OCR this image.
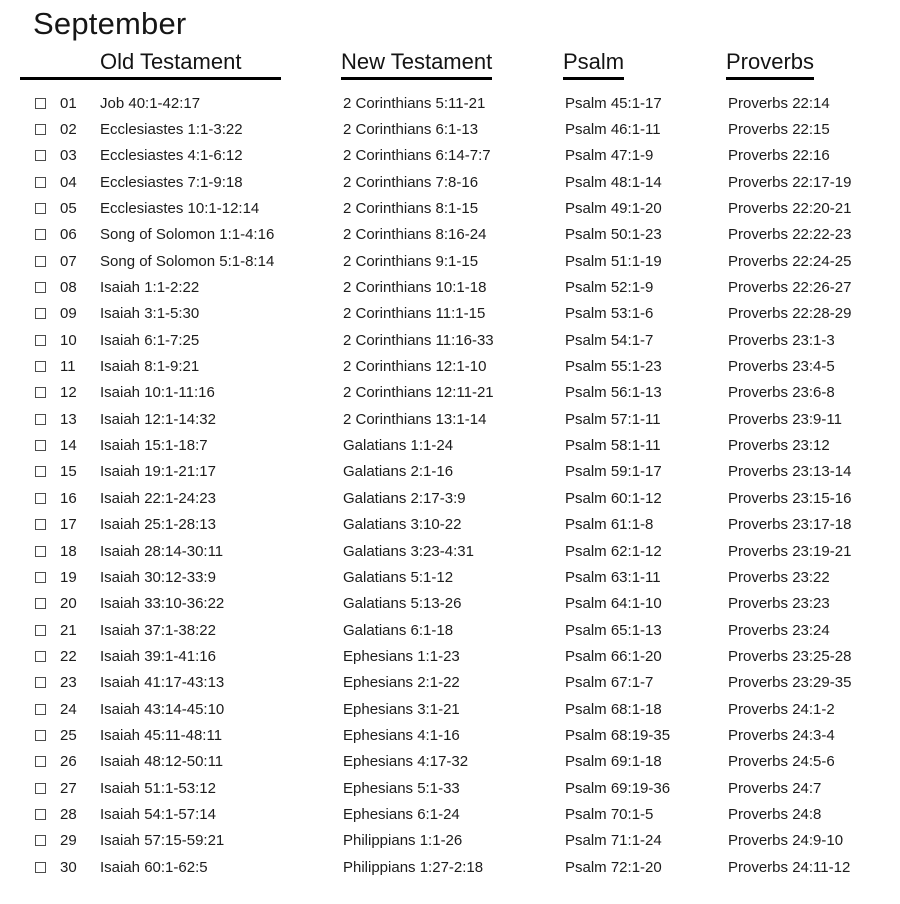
September
Old Testament	New Testament	Psalm	Proverbs
01	Job 40:1-42:17	2 Corinthians 5:11-21	Psalm 45:1-17	Proverbs 22:14
02	Ecclesiastes 1:1-3:22	2 Corinthians 6:1-13	Psalm 46:1-11	Proverbs 22:15
03	Ecclesiastes 4:1-6:12	2 Corinthians 6:14-7:7	Psalm 47:1-9	Proverbs 22:16
04	Ecclesiastes 7:1-9:18	2 Corinthians 7:8-16	Psalm 48:1-14	Proverbs 22:17-19
05	Ecclesiastes 10:1-12:14	2 Corinthians 8:1-15	Psalm 49:1-20	Proverbs 22:20-21
06	Song of Solomon 1:1-4:16	2 Corinthians 8:16-24	Psalm 50:1-23	Proverbs 22:22-23
07	Song of Solomon 5:1-8:14	2 Corinthians 9:1-15	Psalm 51:1-19	Proverbs 22:24-25
08	Isaiah 1:1-2:22	2 Corinthians 10:1-18	Psalm 52:1-9	Proverbs 22:26-27
09	Isaiah 3:1-5:30	2 Corinthians 11:1-15	Psalm 53:1-6	Proverbs 22:28-29
10	Isaiah 6:1-7:25	2 Corinthians 11:16-33	Psalm 54:1-7	Proverbs 23:1-3
11	Isaiah 8:1-9:21	2 Corinthians 12:1-10	Psalm 55:1-23	Proverbs 23:4-5
12	Isaiah 10:1-11:16	2 Corinthians 12:11-21	Psalm 56:1-13	Proverbs 23:6-8
13	Isaiah 12:1-14:32	2 Corinthians 13:1-14	Psalm 57:1-11	Proverbs 23:9-11
14	Isaiah 15:1-18:7	Galatians 1:1-24	Psalm 58:1-11	Proverbs 23:12
15	Isaiah 19:1-21:17	Galatians 2:1-16	Psalm 59:1-17	Proverbs 23:13-14
16	Isaiah 22:1-24:23	Galatians 2:17-3:9	Psalm 60:1-12	Proverbs 23:15-16
17	Isaiah 25:1-28:13	Galatians 3:10-22	Psalm 61:1-8	Proverbs 23:17-18
18	Isaiah 28:14-30:11	Galatians 3:23-4:31	Psalm 62:1-12	Proverbs 23:19-21
19	Isaiah 30:12-33:9	Galatians 5:1-12	Psalm 63:1-11	Proverbs 23:22
20	Isaiah 33:10-36:22	Galatians 5:13-26	Psalm 64:1-10	Proverbs 23:23
21	Isaiah 37:1-38:22	Galatians 6:1-18	Psalm 65:1-13	Proverbs 23:24
22	Isaiah 39:1-41:16	Ephesians 1:1-23	Psalm 66:1-20	Proverbs 23:25-28
23	Isaiah 41:17-43:13	Ephesians 2:1-22	Psalm 67:1-7	Proverbs 23:29-35
24	Isaiah 43:14-45:10	Ephesians 3:1-21	Psalm 68:1-18	Proverbs 24:1-2
25	Isaiah 45:11-48:11	Ephesians 4:1-16	Psalm 68:19-35	Proverbs 24:3-4
26	Isaiah 48:12-50:11	Ephesians 4:17-32	Psalm 69:1-18	Proverbs 24:5-6
27	Isaiah 51:1-53:12	Ephesians 5:1-33	Psalm 69:19-36	Proverbs 24:7
28	Isaiah 54:1-57:14	Ephesians 6:1-24	Psalm 70:1-5	Proverbs 24:8
29	Isaiah 57:15-59:21	Philippians 1:1-26	Psalm 71:1-24	Proverbs 24:9-10
30	Isaiah 60:1-62:5	Philippians 1:27-2:18	Psalm 72:1-20	Proverbs 24:11-12
